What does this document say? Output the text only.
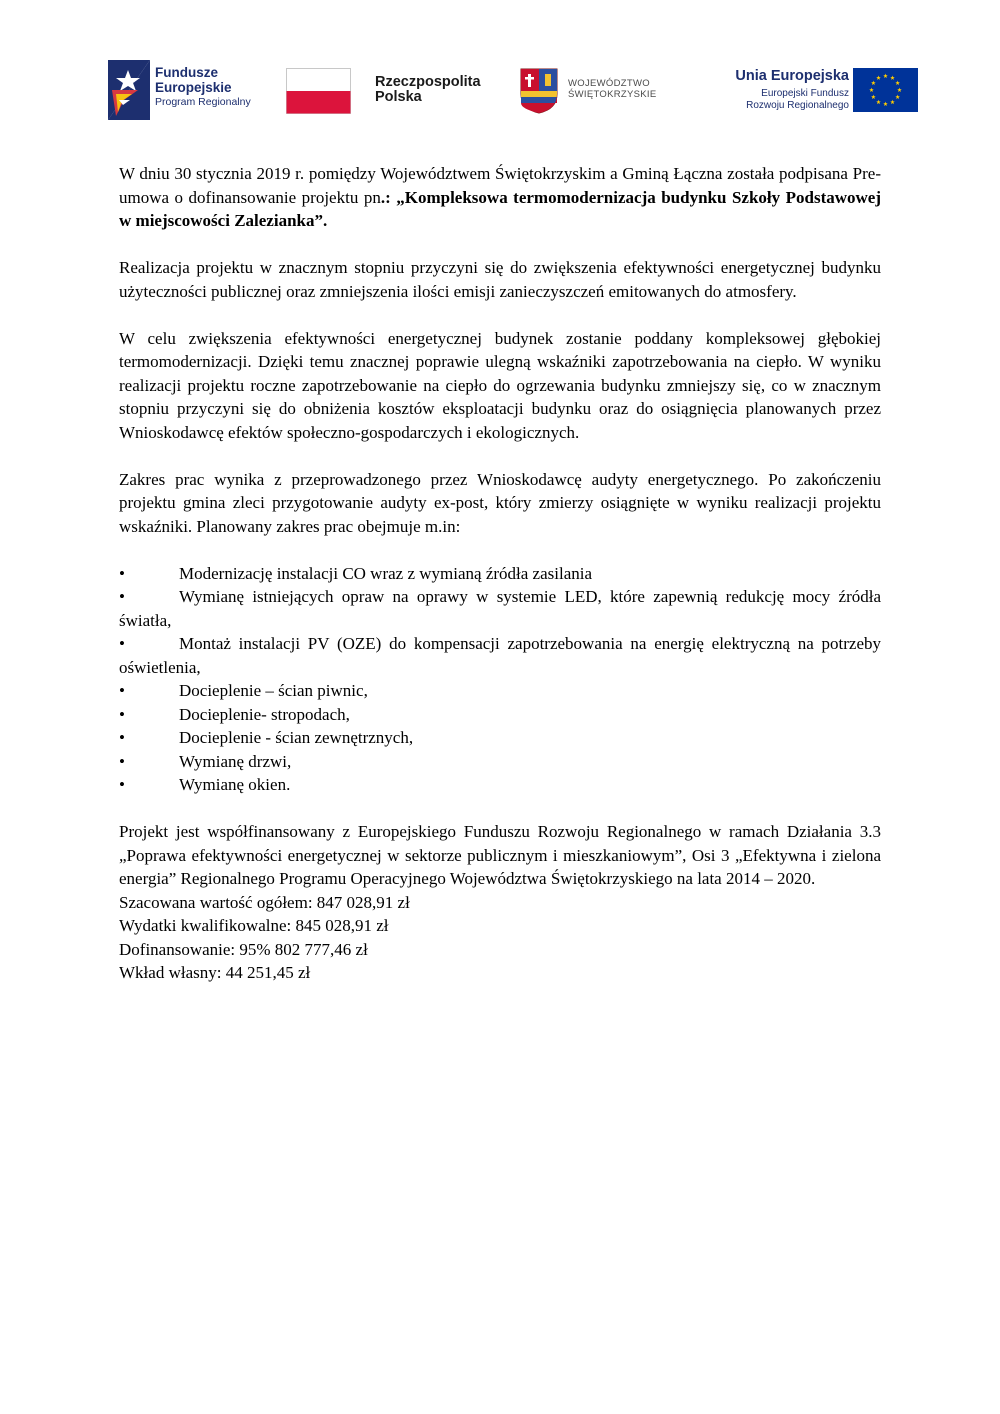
Fundusze
Europejskie
Program Regionalny
Rzeczpospolita
Polska
WOJEWÓDZTWO
ŚWIĘTOKRZYSKIE
Unia Europejska
Europejski Fundusz
Rozwoju Regionalnego

W dniu 30 stycznia 2019 r. pomiędzy Województwem Świętokrzyskim a Gminą Łączna została podpisana Pre-umowa o dofinansowanie projektu pn.: „Kompleksowa termomodernizacja budynku Szkoły Podstawowej w miejscowości Zalezianka”.

Realizacja projektu w znacznym stopniu przyczyni się do zwiększenia efektywności energetycznej budynku użyteczności publicznej oraz zmniejszenia ilości emisji zanieczyszczeń emitowanych do atmosfery.

W celu zwiększenia efektywności energetycznej budynek zostanie poddany kompleksowej głębokiej termomodernizacji. Dzięki temu znacznej poprawie ulegną wskaźniki zapotrzebowania na ciepło. W wyniku realizacji projektu roczne zapotrzebowanie na ciepło do ogrzewania budynku zmniejszy się, co w znacznym stopniu przyczyni się do obniżenia kosztów eksploatacji budynku oraz do osiągnięcia planowanych przez Wnioskodawcę efektów społeczno-gospodarczych i ekologicznych.

Zakres prac wynika z przeprowadzonego przez Wnioskodawcę audyty energetycznego. Po zakończeniu projektu gmina zleci przygotowanie audyty ex-post, który zmierzy osiągnięte w wyniku realizacji projektu wskaźniki. Planowany zakres prac obejmuje m.in:

•	Modernizację instalacji CO wraz z wymianą źródła zasilania
•	Wymianę istniejących opraw na oprawy w systemie LED, które zapewnią redukcję mocy źródła światła,
•	Montaż instalacji PV (OZE) do kompensacji zapotrzebowania na energię elektryczną na potrzeby oświetlenia,
•	Docieplenie – ścian piwnic,
•	Docieplenie- stropodach,
•	Docieplenie - ścian zewnętrznych,
•	Wymianę drzwi,
•	Wymianę okien.

Projekt jest współfinansowany z Europejskiego Funduszu Rozwoju Regionalnego w ramach Działania 3.3 „Poprawa efektywności energetycznej w sektorze publicznym i mieszkaniowym”, Osi 3 „Efektywna i zielona energia” Regionalnego Programu Operacyjnego Województwa Świętokrzyskiego na lata 2014 – 2020.

Szacowana wartość ogółem: 847 028,91 zł

Wydatki kwalifikowalne: 845 028,91 zł

Dofinansowanie: 95% 802 777,46 zł

Wkład własny: 44 251,45 zł
